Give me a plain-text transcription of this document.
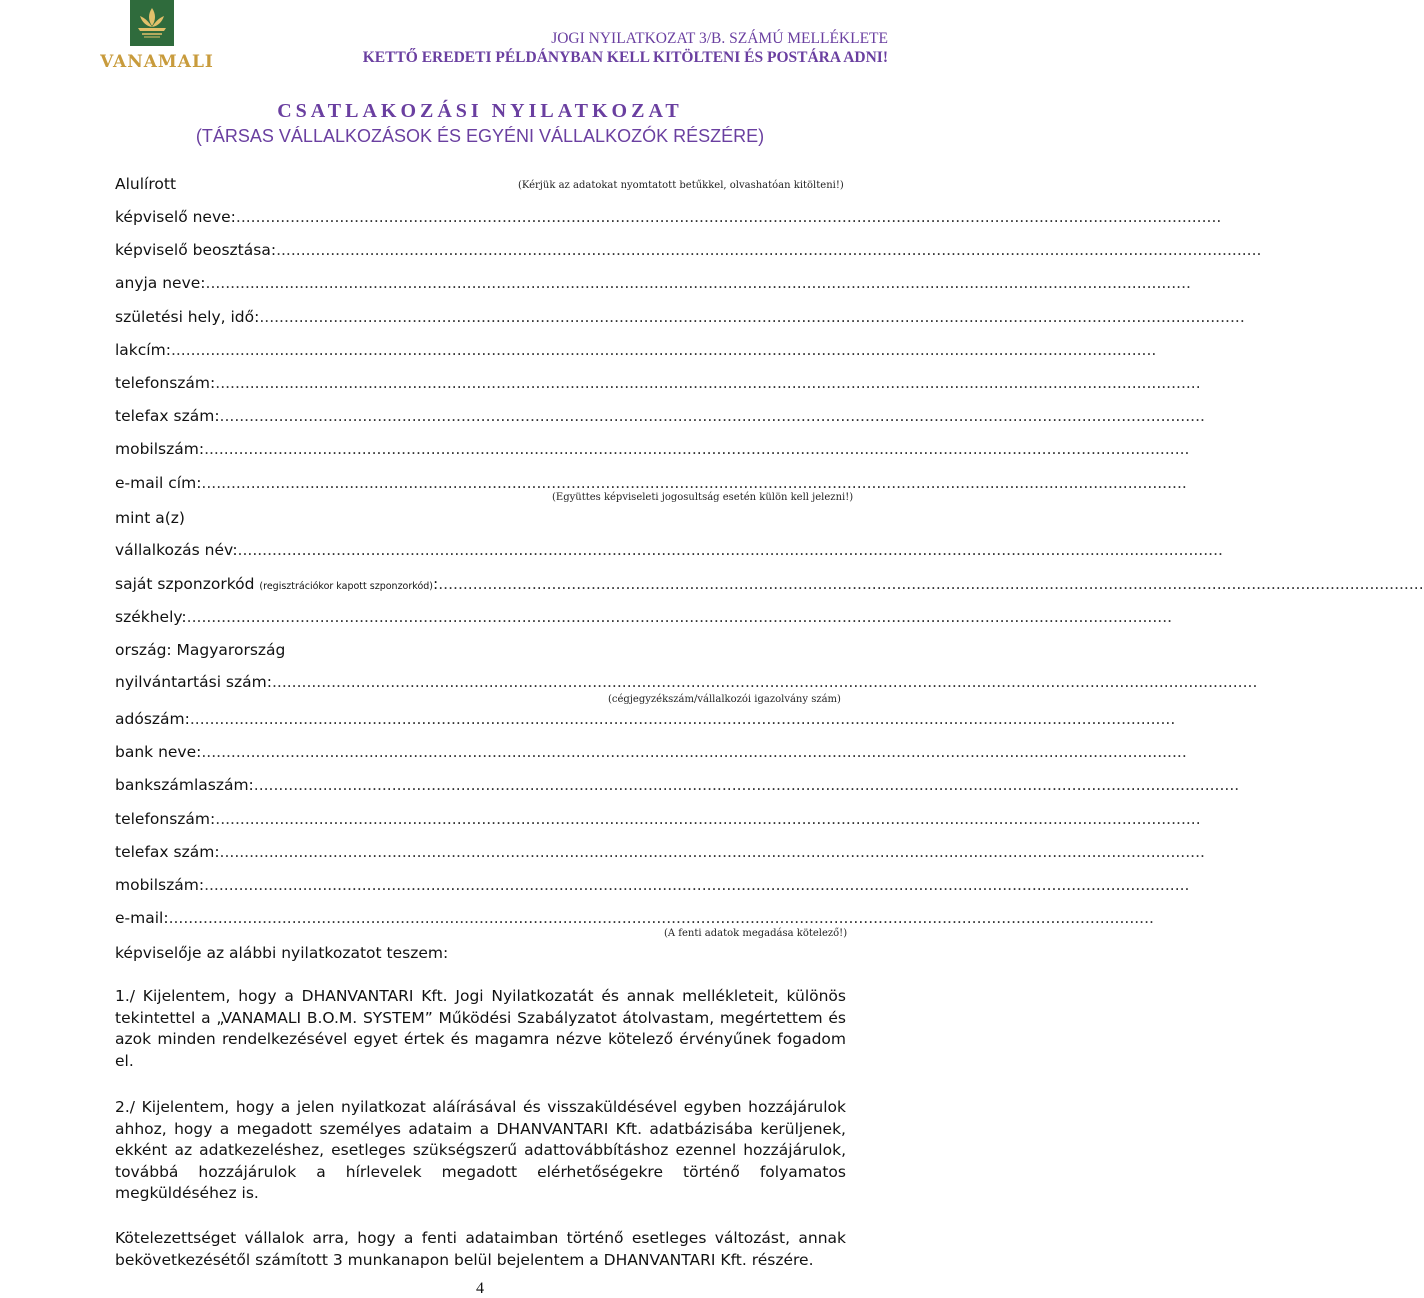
VANAMALI
JOGI NYILATKOZAT 3/B. SZÁMÚ MELLÉKLETE
KETTŐ EREDETI PÉLDÁNYBAN KELL KITÖLTENI ÉS POSTÁRA ADNI!
CSATLAKOZÁSI NYILATKOZAT
(TÁRSAS VÁLLALKOZÁSOK ÉS EGYÉNI VÁLLALKOZÓK RÉSZÉRE)
Alulírott	(Kérjük az adatokat nyomtatott betűkkel, olvashatóan kitölteni!)
képviselő neve:........................................................................................................................................................................................................
képviselő beosztása:........................................................................................................................................................................................................
anyja neve:........................................................................................................................................................................................................
születési hely, idő:........................................................................................................................................................................................................
lakcím:........................................................................................................................................................................................................
telefonszám:........................................................................................................................................................................................................
telefax szám:........................................................................................................................................................................................................
mobilszám:........................................................................................................................................................................................................
e-mail cím:........................................................................................................................................................................................................
(Együttes képviseleti jogosultság esetén külön kell jelezni!)
mint a(z)
vállalkozás név:........................................................................................................................................................................................................
saját szponzorkód (regisztrációkor kapott szponzorkód):........................................................................................................................................................................................................
székhely:........................................................................................................................................................................................................
ország: Magyarország
nyilvántartási szám:........................................................................................................................................................................................................
(cégjegyzékszám/vállalkozói igazolvány szám)
adószám:........................................................................................................................................................................................................
bank neve:........................................................................................................................................................................................................
bankszámlaszám:........................................................................................................................................................................................................
telefonszám:........................................................................................................................................................................................................
telefax szám:........................................................................................................................................................................................................
mobilszám:........................................................................................................................................................................................................
e-mail:........................................................................................................................................................................................................
(A fenti adatok megadása kötelező!)
képviselője az alábbi nyilatkozatot teszem:
1./ Kijelentem, hogy a DHANVANTARI Kft. Jogi Nyilatkozatát és annak mellékleteit, különös tekintettel a „VANAMALI B.O.M. SYSTEM” Működési Szabályzatot átolvastam, megértettem és azok minden rendelkezésével egyet értek és magamra nézve kötelező érvényűnek fogadom el.
2./ Kijelentem, hogy a jelen nyilatkozat aláírásával és visszaküldésével egyben hozzájárulok ahhoz, hogy a megadott személyes adataim a DHANVANTARI Kft. adatbázisába kerüljenek, ekként az adatkezeléshez, esetleges szükségszerű adattovábbításhoz ezennel hozzájárulok, továbbá hozzájárulok a hírlevelek megadott elérhetőségekre történő folyamatos megküldéséhez is.
Kötelezettséget vállalok arra, hogy a fenti adataimban történő esetleges változást, annak bekövetkezésétől számított 3 munkanapon belül bejelentem a DHANVANTARI Kft. részére.
4
